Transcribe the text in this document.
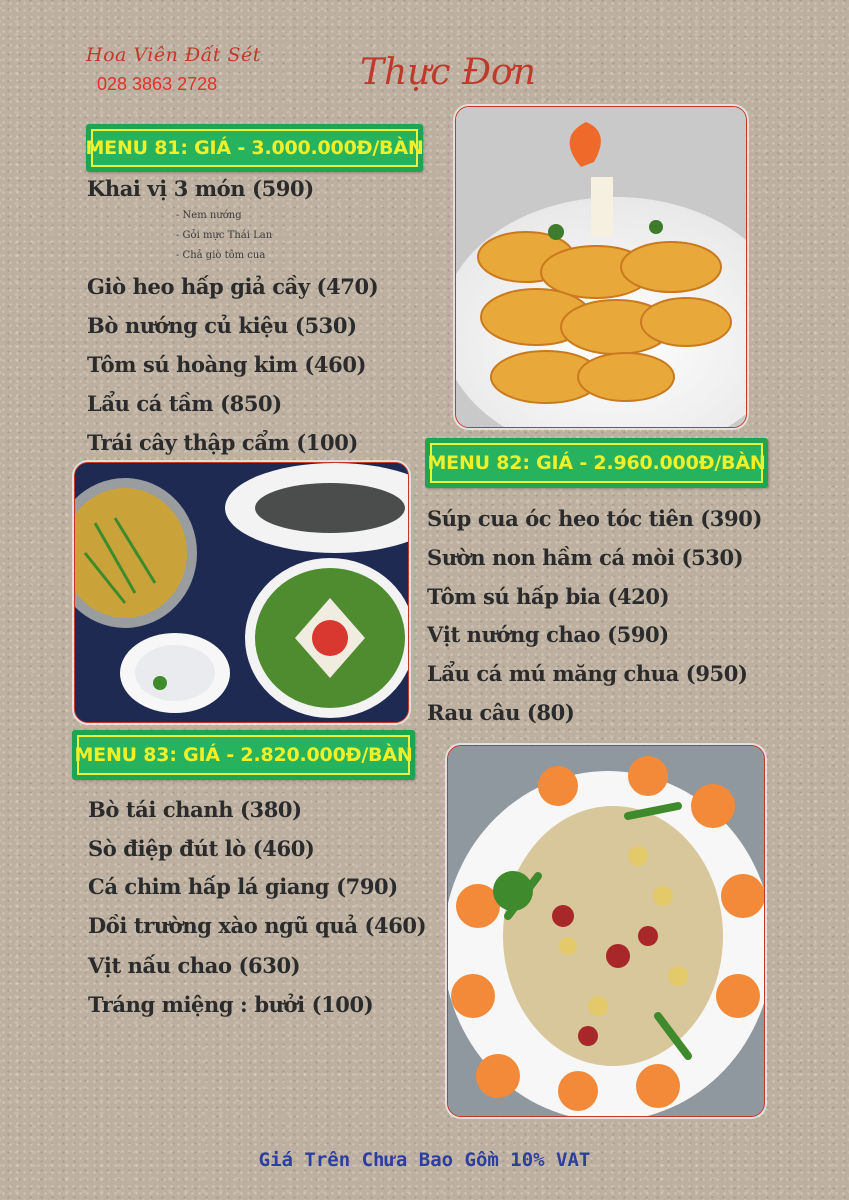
Hoa Viên Đất Sét
028 3863 2728	Thực Đơn
MENU 81: GIÁ - 3.000.000Đ/BÀN
Khai vị 3 món (590)
- Nem nướng
- Gỏi mực Thái Lan
- Chả giò tôm cua
Giò heo hấp giả cầy (470)
Bò nướng củ kiệu (530)
Tôm sú hoàng kim (460)
Lẩu cá tầm (850)
Trái cây thập cẩm (100)
MENU 82: GIÁ - 2.960.000Đ/BÀN
Súp cua óc heo tóc tiên (390)
Sườn non hầm cá mòi (530)
Tôm sú hấp bia (420)
Vịt nướng chao (590)
Lẩu cá mú măng chua (950)
Rau câu (80)
MENU 83: GIÁ - 2.820.000Đ/BÀN
Bò tái chanh (380)
Sò điệp đút lò (460)
Cá chim hấp lá giang (790)
Dồi trường xào ngũ quả (460)
Vịt nấu chao (630)
Tráng miệng : bưởi (100)
Giá Trên Chưa Bao Gồm 10% VAT
